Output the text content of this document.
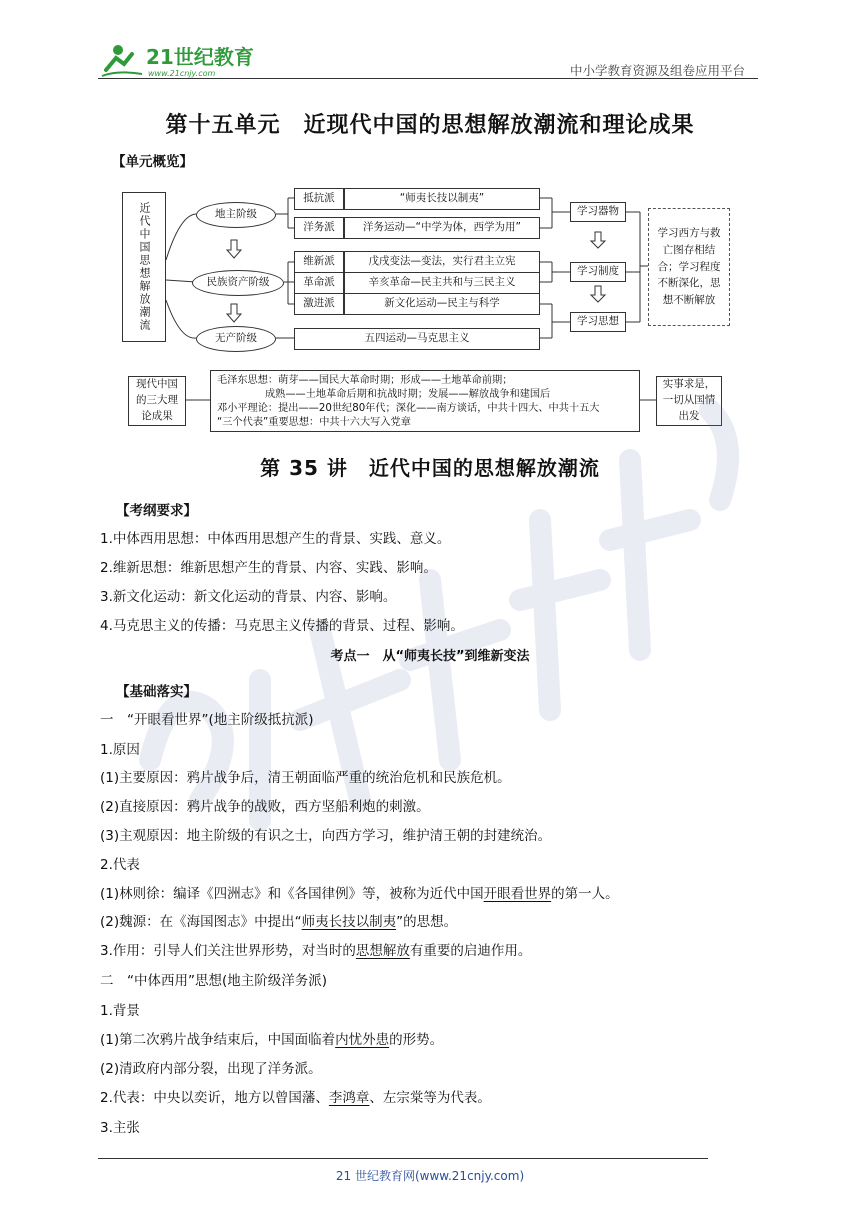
21世纪教育
www.21cnjy.com	中小学教育资源及组卷应用平台
第十五单元　近现代中国的思想解放潮流和理论成果
【单元概览】
近代中国思想解放潮流	地主阶级
民族资产阶级
无产阶级
抵抗派
洋务派
维新派
革命派
激进派
“师夷长技以制夷”
洋务运动—“中学为体，西学为用”
戊戌变法—变法，实行君主立宪
辛亥革命—民主共和与三民主义
新文化运动—民主与科学
五四运动—马克思主义
学习器物
学习制度
学习思想
学习西方与救亡图存相结合；学习程度不断深化，思想不断解放
现代中国的三大理论成果
毛泽东思想：萌芽——国民大革命时期；形成——土地革命前期；
成熟——土地革命后期和抗战时期；发展——解放战争和建国后
邓小平理论：提出——20世纪80年代；深化——南方谈话，中共十四大、中共十五大
“三个代表”重要思想：中共十六大写入党章
实事求是，一切从国情出发
第 35 讲　近代中国的思想解放潮流
【考纲要求】
1.中体西用思想：中体西用思想产生的背景、实践、意义。
2.维新思想：维新思想产生的背景、内容、实践、影响。
3.新文化运动：新文化运动的背景、内容、影响。
4.马克思主义的传播：马克思主义传播的背景、过程、影响。
考点一　从“师夷长技”到维新变法
【基础落实】
一　“开眼看世界”(地主阶级抵抗派)
1.原因
(1)主要原因：鸦片战争后，清王朝面临严重的统治危机和民族危机。
(2)直接原因：鸦片战争的战败，西方坚船利炮的刺激。
(3)主观原因：地主阶级的有识之士，向西方学习，维护清王朝的封建统治。
2.代表
(1)林则徐：编译《四洲志》和《各国律例》等，被称为近代中国开眼看世界的第一人。
(2)魏源：在《海国图志》中提出“师夷长技以制夷”的思想。
3.作用：引导人们关注世界形势，对当时的思想解放有重要的启迪作用。
二　“中体西用”思想(地主阶级洋务派)
1.背景
(1)第二次鸦片战争结束后，中国面临着内忧外患的形势。
(2)清政府内部分裂，出现了洋务派。
2.代表：中央以奕䜣，地方以曾国藩、李鸿章、左宗棠等为代表。
3.主张
21 世纪教育网(www.21cnjy.com)
